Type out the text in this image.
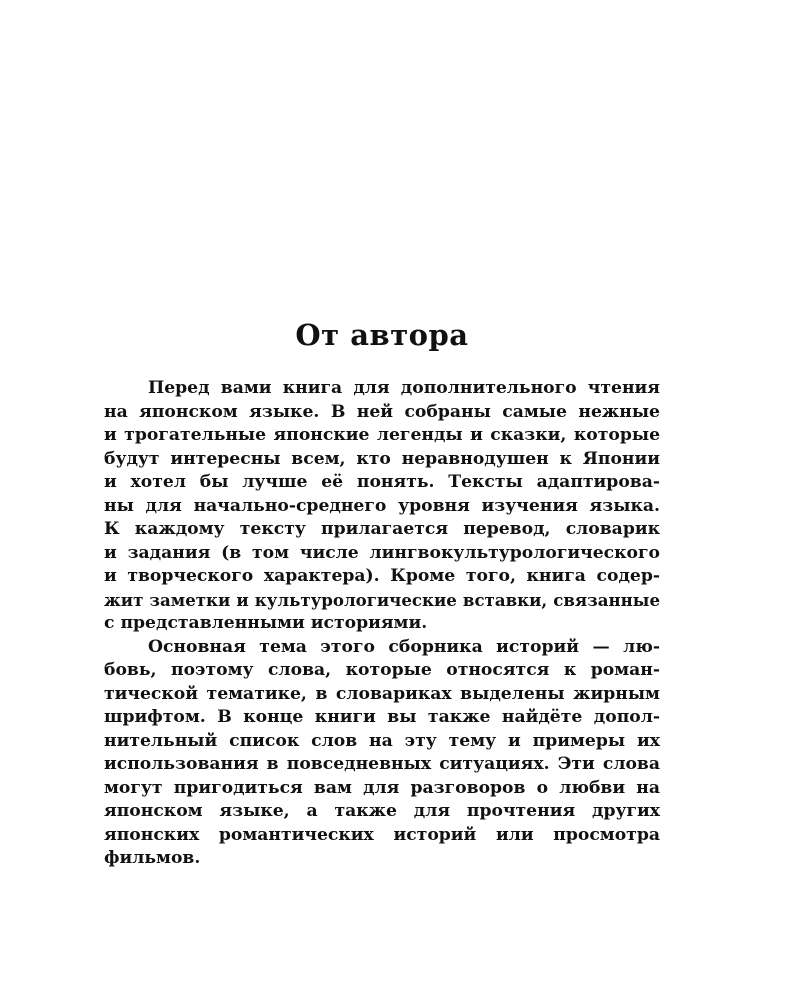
От автора
Перед вами книга для дополнительного чтения
на японском языке. В ней собраны самые нежные
и трогательные японские легенды и сказки, которые
будут интересны всем, кто неравнодушен к Японии
и хотел бы лучше её понять. Тексты адаптирова-
ны для начально-среднего уровня изучения языка.
К каждому тексту прилагается перевод, словарик
и задания (в том числе лингвокультурологического
и творческого характера). Кроме того, книга содер-
жит заметки и культурологические вставки, связанные
с представленными историями.
Основная тема этого сборника историй — лю-
бовь, поэтому слова, которые относятся к роман-
тической тематике, в словариках выделены жирным
шрифтом. В конце книги вы также найдёте допол-
нительный список слов на эту тему и примеры их
использования в повседневных ситуациях. Эти слова
могут пригодиться вам для разговоров о любви на
японском языке, а также для прочтения других
японских романтических историй или просмотра
фильмов.
